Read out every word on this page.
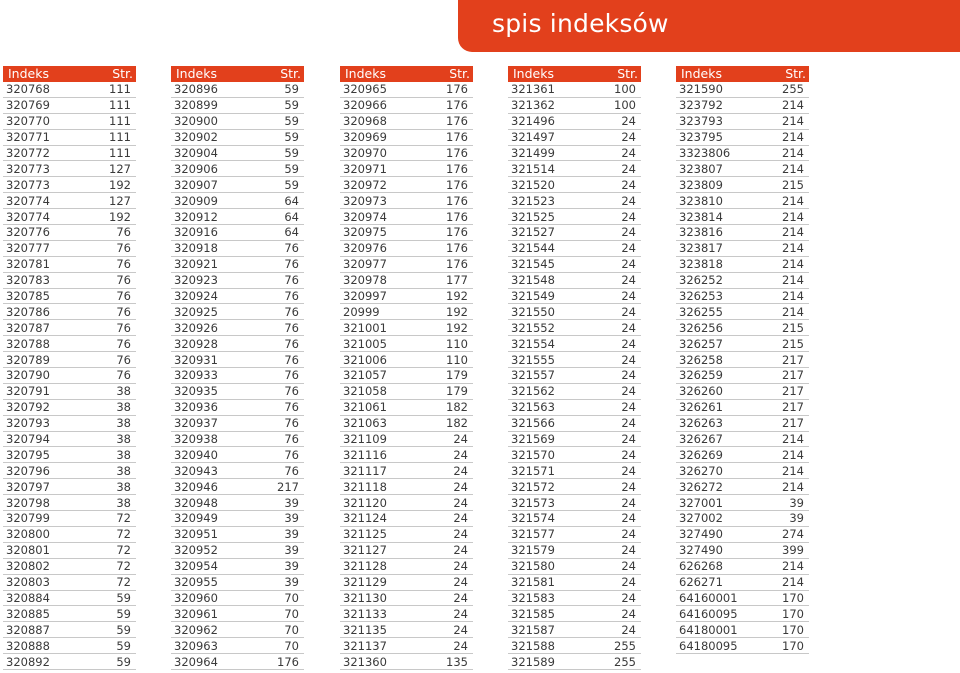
spis indeksów
Indeks	Str.
320768	111
320769	111
320770	111
320771	111
320772	111
320773	127
320773	192
320774	127
320774	192
320776	76
320777	76
320781	76
320783	76
320785	76
320786	76
320787	76
320788	76
320789	76
320790	76
320791	38
320792	38
320793	38
320794	38
320795	38
320796	38
320797	38
320798	38
320799	72
320800	72
320801	72
320802	72
320803	72
320884	59
320885	59
320887	59
320888	59
320892	59
Indeks	Str.
320896	59
320899	59
320900	59
320902	59
320904	59
320906	59
320907	59
320909	64
320912	64
320916	64
320918	76
320921	76
320923	76
320924	76
320925	76
320926	76
320928	76
320931	76
320933	76
320935	76
320936	76
320937	76
320938	76
320940	76
320943	76
320946	217
320948	39
320949	39
320951	39
320952	39
320954	39
320955	39
320960	70
320961	70
320962	70
320963	70
320964	176
Indeks	Str.
320965	176
320966	176
320968	176
320969	176
320970	176
320971	176
320972	176
320973	176
320974	176
320975	176
320976	176
320977	176
320978	177
320997	192
20999	192
321001	192
321005	110
321006	110
321057	179
321058	179
321061	182
321063	182
321109	24
321116	24
321117	24
321118	24
321120	24
321124	24
321125	24
321127	24
321128	24
321129	24
321130	24
321133	24
321135	24
321137	24
321360	135
Indeks	Str.
321361	100
321362	100
321496	24
321497	24
321499	24
321514	24
321520	24
321523	24
321525	24
321527	24
321544	24
321545	24
321548	24
321549	24
321550	24
321552	24
321554	24
321555	24
321557	24
321562	24
321563	24
321566	24
321569	24
321570	24
321571	24
321572	24
321573	24
321574	24
321577	24
321579	24
321580	24
321581	24
321583	24
321585	24
321587	24
321588	255
321589	255
Indeks	Str.
321590	255
323792	214
323793	214
323795	214
3323806	214
323807	214
323809	215
323810	214
323814	214
323816	214
323817	214
323818	214
326252	214
326253	214
326255	214
326256	215
326257	215
326258	217
326259	217
326260	217
326261	217
326263	217
326267	214
326269	214
326270	214
326272	214
327001	39
327002	39
327490	274
327490	399
626268	214
626271	214
64160001	170
64160095	170
64180001	170
64180095	170
